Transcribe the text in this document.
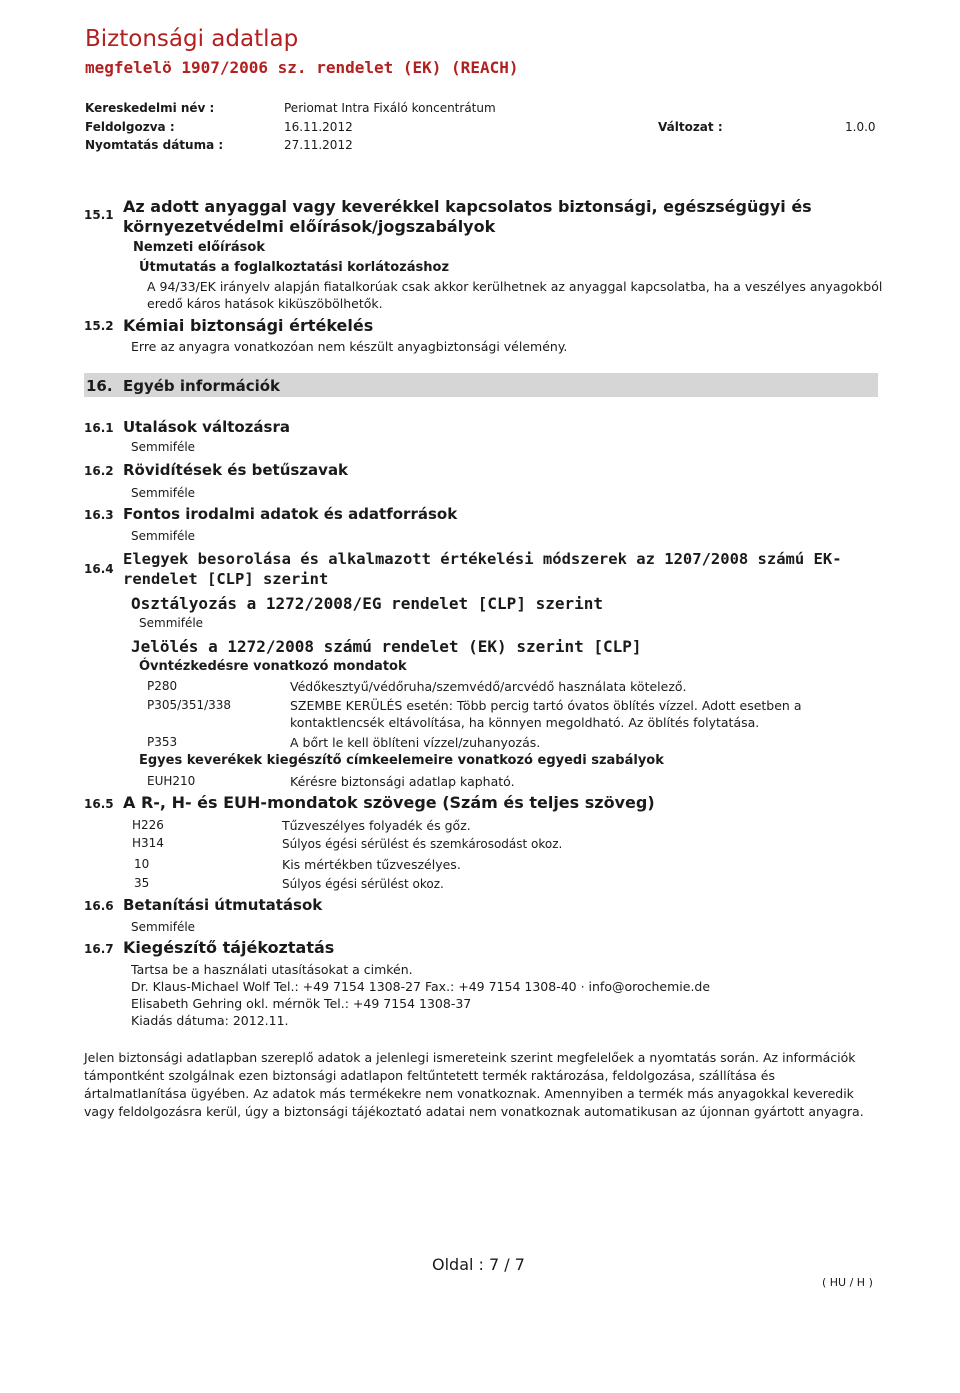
Biztonsági adatlap
megfelelö 1907/2006 sz. rendelet (EK) (REACH)
Kereskedelmi név :	Periomat Intra Fixáló koncentrátum
Feldolgozva :	16.11.2012	Változat :	1.0.0
Nyomtatás dátuma :	27.11.2012
15.1 Az adott anyaggal vagy keverékkel kapcsolatos biztonsági, egészségügyi és
környezetvédelmi előírások/jogszabályok
Nemzeti előírások
Útmutatás a foglalkoztatási korlátozáshoz
A 94/33/EK irányelv alapján fiatalkorúak csak akkor kerülhetnek az anyaggal kapcsolatba, ha a veszélyes anyagokból
eredő káros hatások kiküszöbölhetők.
15.2 Kémiai biztonsági értékelés
Erre az anyagra vonatkozóan nem készült anyagbiztonsági vélemény.
16. Egyéb információk
16.1 Utalások változásra
Semmiféle
16.2 Rövidítések és betűszavak
Semmiféle
16.3 Fontos irodalmi adatok és adatforrások
Semmiféle
16.4
Elegyek besorolása és alkalmazott értékelési módszerek az 1207/2008 számú EK-
rendelet [CLP] szerint
Osztályozás a 1272/2008/EG rendelet [CLP] szerint
Semmiféle
Jelölés a 1272/2008 számú rendelet (EK) szerint [CLP]
Óvntézkedésre vonatkozó mondatok
P280	Védőkesztyű/védőruha/szemvédő/arcvédő használata kötelező.
P305/351/338	SZEMBE KERÜLÉS esetén: Több percig tartó óvatos öblítés vízzel. Adott esetben a
kontaktlencsék eltávolítása, ha könnyen megoldható. Az öblítés folytatása.
P353	A bőrt le kell öblíteni vízzel/zuhanyozás.
Egyes keverékek kiegészítő címkeelemeire vonatkozó egyedi szabályok
EUH210	Kérésre biztonsági adatlap kapható.
16.5 A R-, H- és EUH-mondatok szövege (Szám és teljes szöveg)
H226	Tűzveszélyes folyadék és gőz.
H314	Súlyos égési sérülést és szemkárosodást okoz.
10	Kis mértékben tűzveszélyes.
35	Súlyos égési sérülést okoz.
16.6 Betanítási útmutatások
Semmiféle
16.7 Kiegészítő tájékoztatás
Tartsa be a használati utasításokat a cimkén.
Dr. Klaus-Michael Wolf Tel.: +49 7154 1308-27 Fax.: +49 7154 1308-40 · info@orochemie.de
Elisabeth Gehring okl. mérnök Tel.: +49 7154 1308-37
Kiadás dátuma: 2012.11.
Jelen biztonsági adatlapban szereplő adatok a jelenlegi ismereteink szerint megfelelőek a nyomtatás során. Az információk támpontként szolgálnak ezen biztonsági adatlapon feltűntetett termék raktározása, feldolgozása, szállítása és ártalmatlanítása ügyében. Az adatok más termékekre nem vonatkoznak. Amennyiben a termék más anyagokkal keveredik vagy feldolgozásra kerül, úgy a biztonsági tájékoztató adatai nem vonatkoznak automatikusan az újonnan gyártott anyagra.
Oldal : 7 / 7
( HU / H )
